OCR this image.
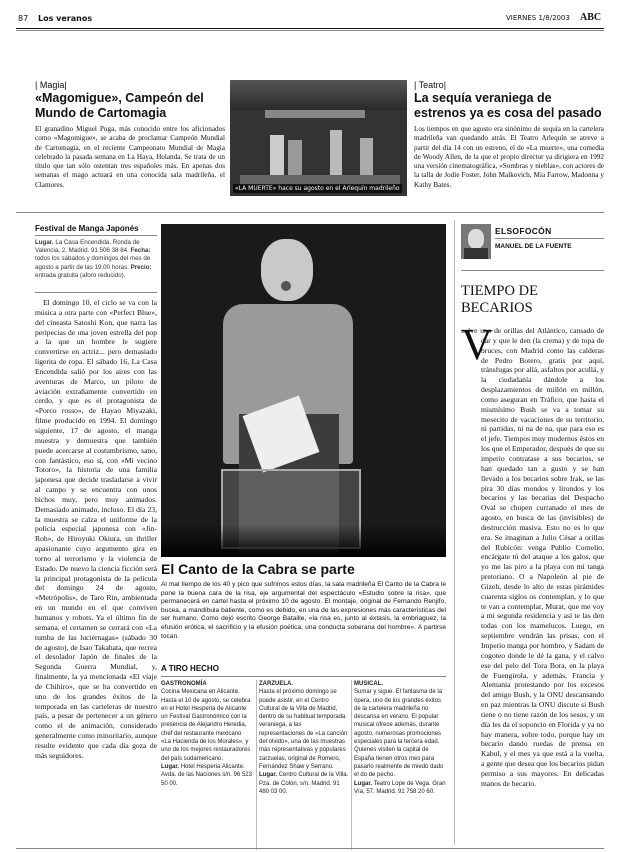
87 Los veranos	VIERNES 1/8/2003 ABC
| Magia|
«Magomigue», Campeón del Mundo de Cartomagia
El granadino Miguel Puga, más conocido entre los aficionados como «Magomigue», se acaba de proclamar Campeón Mundial de Cartomagia, en el reciente Campeonato Mundial de Magia celebrado la pasada semana en La Haya, Holanda. Se trata de un título que tan sólo ostentan tres españoles más. En apenas dos semanas el mago actuará en una conocida sala madrileña, el Clamores.	«LA MUERTE» hace su agosto en el Arlequín madrileño
| Teatro|
La sequía veraniega de estrenos ya es cosa del pasado
Los tiempos en que agosto era sinónimo de sequía en la cartelera madrileña van quedando atrás. El Teatro Arlequín se atreve a partir del día 14 con un estreno, el de «La muerte», una comedia de Woody Allen, de la que el propio director ya dirigiera en 1992 una versión cinematográfica, «Sombras y nieblas», con actores de la talla de Jodie Foster, John Malkovich, Mia Farrow, Madonna y Kathy Bates.
Festival de Manga Japonés
Lugar. La Casa Encendida. Ronda de Valencia, 2. Madrid. 91 506 38 84. Fecha: todos los sábados y domingos del mes de agosto a partir de las 19.00 horas. Precio: entrada gratuita (aforo reducido).
El domingo 10, el ciclo se va con la música a otra parte con «Perfect Blue», del cineasta Satoshi Kon, que narra las peripecias de una joven estrella del pop a la que un hombre le sugiere convertirse en actriz... pero demasiado ligerita de ropa. El sábado 16, La Casa Encendida salió por los aires con las aventuras de Marco, un piloto de aviación extrañamente convertido en cerdo, y que es el protagonista de «Porco rosso», de Hayao Miyazaki, filme producido en 1994. El domingo siguiente, 17 de agosto, el manga muestra y demuestra que también puede acercarse al costumbrismo, sano, con fantástico, eso sí, con «Mi vecino Totoro», la historia de una familia japonesa que decide trasladarse a vivir al campo y se encuentra con unos bichos muy, pero muy animados. Demasiado animado, incluso. El día 23, la muestra se calza el uniforme de la policía especial japonesa con «Jin-Roh», de Hiroyuki Okiura, un thriller apasionante cuyo argumento gira en torno al terrorismo y la violencia de Estado. De nuevo la ciencia ficción será la principal protagonista de la película del domingo 24 de agosto, «Metrópolis», de Taro Rin, ambientada en un mundo en el que conviven humanos y robots. Ya el último fin de semana, el certamen se cerrará con «La tumba de las luciérnagas» (sábado 30 de agosto), de Isao Takahata, que recrea el desolador Japón de finales de la Segunda Guerra Mundial, y, finalmente, la ya mencionada «El viaje de Chihiro», que se ha convertido en uno de los grandes éxitos de la temporada en las carteleras de nuestro país, a pesar de pertenecer a un género como el de animación, considerado generalmente como minoritario, aunque resulte evidente que cada día goza de más seguidores.
El Canto de la Cabra se parte
Al mal tiempo de los 40 y pico que sufrimos estos días, la sala madrileña El Canto de la Cabra le pone la buena cara de la risa, eje argumental del espectáculo «Estudio sobre la risa», que permanecerá en cartel hasta el próximo 10 de agosto. El montaje, original de Fernando Renjifo, bucea, a mandíbula batiente, como es debido, en una de las expresiones más características del ser humano. Como dejó escrito George Bataille, «la risa es, junto al éxtasis, la embriaguez, la efusión erótica, el sacrificio y la efusión poética, una conducta soberana del hombre». A partirse tocan.
A TIRO HECHO
GASTRONOMÍA
Cocina Mexicana en Alicante. Hasta el 10 de agosto, se celebra en el Hotel Hesperia de Alicante un Festival Gastronómico con la presencia de Alejandro Heredia, chef del restaurante mexicano «La Hacienda de los Morales», y uno de los mejores restauradores del país sudamericano.
Lugar. Hotel Hesperia Alicante. Avda. de las Naciones s/n. 96 523 50 00.
ZARZUELA.
Hasta el próximo domingo se puede asistir, en el Centro Cultural de la Villa de Madrid, dentro de su habitual temporada veraniega, a las representaciones de «La canción del olvido», una de las muestras más representativas y populares zarzuelas, original de Romero, Fernández Shaw y Serrano.
Lugar. Centro Cultural de la Villa. Pza. de Colón, s/n. Madrid. 91 480 03 00.
MUSICAL.
Sumar y sigue. El fantasma de la ópera, uno de los grandes éxitos de la cartelera madrileña no descansa en verano. El popular musical ofrece además, durante agosto, numerosas promociones especiales para la tercera edad. Quienes visiten la capital de España tienen otros mes para pasarlo realmente de miedo dado el do de pecho.
Lugar. Teatro Lope de Vega. Gran Vía, 57. Madrid. 91 758 20 60.
ELSOFOCÓN
MANUEL DE LA FUENTE
TIEMPO DE BECARIOS
V
uelve uno de orillas del Atlántico, cansado de dar y que le den (la crema) y de topa de bruces, con Madrid como las calderas de Pedro Botero, gratis por aquí, tránsfugas por allá, asfaltos por acullá, y la ciudadanía dándole a los desplazamientos de millón en millón, como aseguran en Tráfico, que hasta el mismísimo Bush se va a tomar su mesecito de vacaciones de su territorio, ni partidas, ni na de na, que para eso es el jefe. Tiempos muy modernos éstos en los que el Emperador, después de que su imperio contratase a sus becarios, se han quedado tan a gusto y se han llevado a los becarios sobre Irak, se las pira 30 días mondos y lirondos y los becarios y las becarias del Despacho Oval se chupen curranado el mes de agosto, en busca de las (invisibles) de destrucción masiva. Esto no es lo que era. Se imaginan a Julio César a orillas del Rubicón: venga Publio Cornelio, encárgate tú del ataque a los galos, que yo me las piro a la playa con mi tanga pretoriano. O a Napoleón al pie de Gizeh, desde lo alto de estas pirámides cuarenta siglos os contemplan, y lo que te van a contemplar, Murat, que me voy a mi segunda residencia y así te las den todas con los mamelucos. Luego, en septiembre vendrán las prisas, con el Imperio manga por hombro, y Sadam de cogoteo donde le dé la gana, y el calvo ese del pelo del Tora Bora, en la playa de Fuengirola, y además, Francia y Alemania protestando por los excesos del amigo Bush, y la ONU descansando en paz mientras la ONU discute si Bush tiene o no tiene razón de los sesos, y un día les da el soponcio en Florida y ya no hay manera, sobre todo, porque hay un becario dando ruedas de prensa en Kabul, y el mes ya que está a la vuelta, a gente que desea que los becarios pidan permiso a sus mayores. En delicadas manos de becario.
